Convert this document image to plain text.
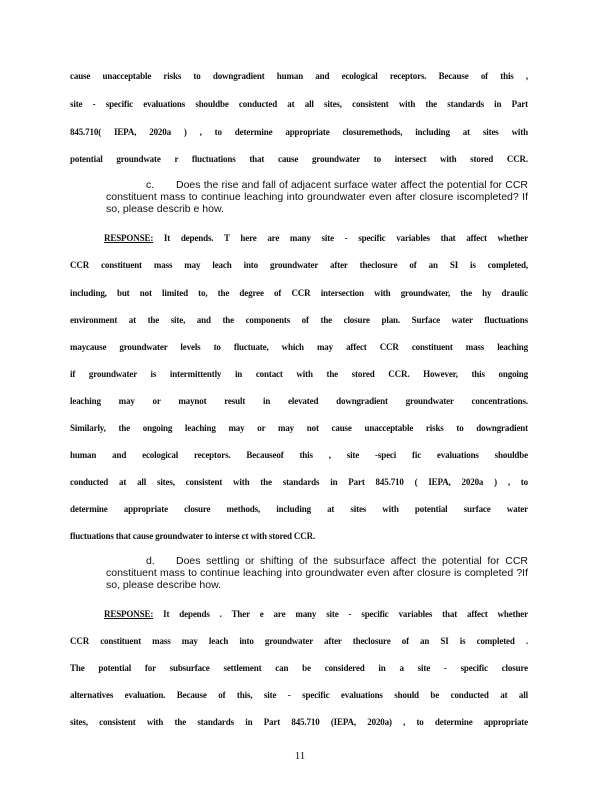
cause unacceptable risks to downgradient human and ecological receptors. Because of this ,
site - specific evaluations shouldbe conducted at all sites, consistent with the standards in Part
845.710( IEPA, 2020a ) , to determine appropriate closuremethods, including at sites with
potential groundwate r fluctuations that cause groundwater to intersect with stored CCR.
c. Does the rise and fall of adjacent surface water affect the potential for CCR constituent mass to continue leaching into groundwater even after closure iscompleted? If so, please describ e how.
RESPONSE: It depends. T here are many site - specific variables that affect whether
CCR constituent mass may leach into groundwater after theclosure of an SI is completed,
including, but not limited to, the degree of CCR intersection with groundwater, the hy draulic
environment at the site, and the components of the closure plan. Surface water fluctuations
maycause groundwater levels to fluctuate, which may affect CCR constituent mass leaching
if groundwater is intermittently in contact with the stored CCR. However, this ongoing
leaching may or maynot result in elevated downgradient groundwater concentrations.
Similarly, the ongoing leaching may or may not cause unacceptable risks to downgradient
human and ecological receptors. Becauseof this , site -speci fic evaluations shouldbe
conducted at all sites, consistent with the standards in Part 845.710 ( IEPA, 2020a ) , to
determine appropriate closure methods, including at sites with potential surface water
fluctuations that cause groundwater to interse ct with stored CCR.
d. Does settling or shifting of the subsurface affect the potential for CCR constituent mass to continue leaching into groundwater even after closure is completed ?If so, please describe how.
RESPONSE: It depends . Ther e are many site - specific variables that affect whether
CCR constituent mass may leach into groundwater after theclosure of an SI is completed .
The potential for subsurface settlement can be considered in a site - specific closure
alternatives evaluation. Because of this, site - specific evaluations should be conducted at all
sites, consistent with the standards in Part 845.710 (IEPA, 2020a) , to determine appropriate
11
